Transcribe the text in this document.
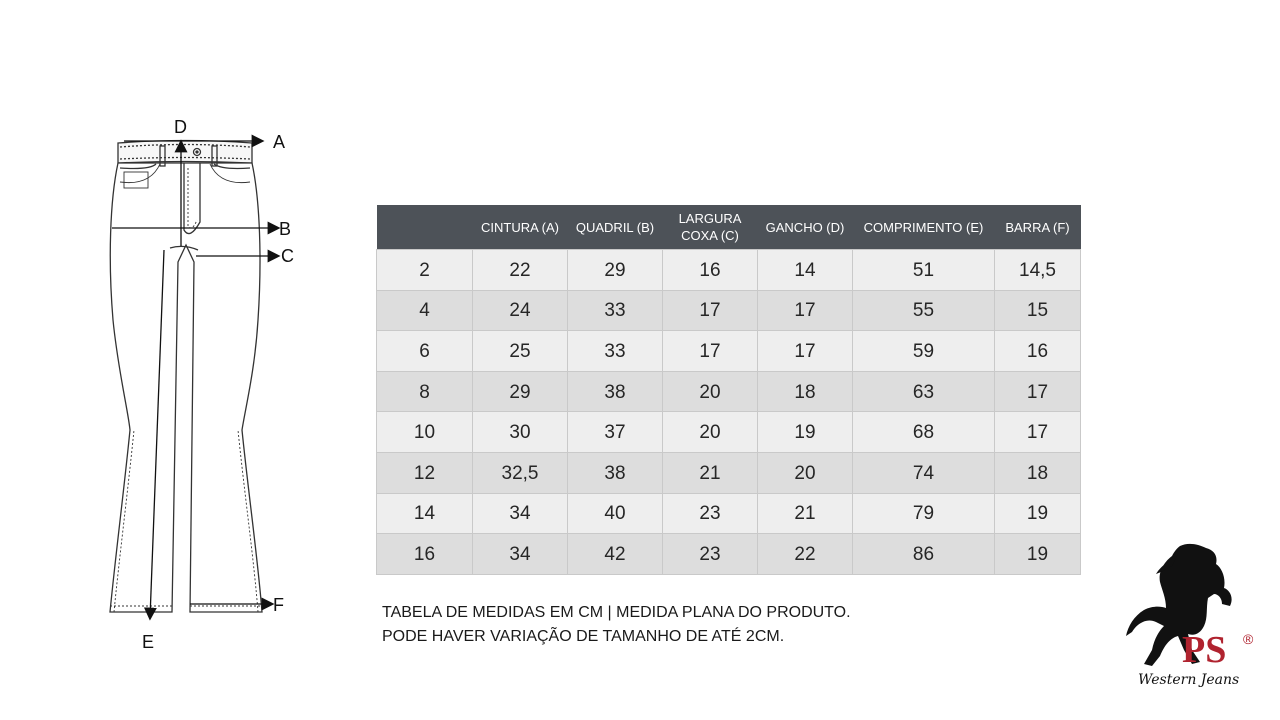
D
A
B
C
F
E
	CINTURA (A)	QUADRIL (B)	LARGURA COXA (C)	GANCHO (D)	COMPRIMENTO (E)	BARRA (F)
2	22	29	16	14	51	14,5
4	24	33	17	17	55	15
6	25	33	17	17	59	16
8	29	38	20	18	63	17
10	30	37	20	19	68	17
12	32,5	38	21	20	74	18
14	34	40	23	21	79	19
16	34	42	23	22	86	19
TABELA DE MEDIDAS EM CM | MEDIDA PLANA DO PRODUTO.
PODE HAVER VARIAÇÃO DE TAMANHO DE ATÉ 2CM.	PS ®
Western Jeans
